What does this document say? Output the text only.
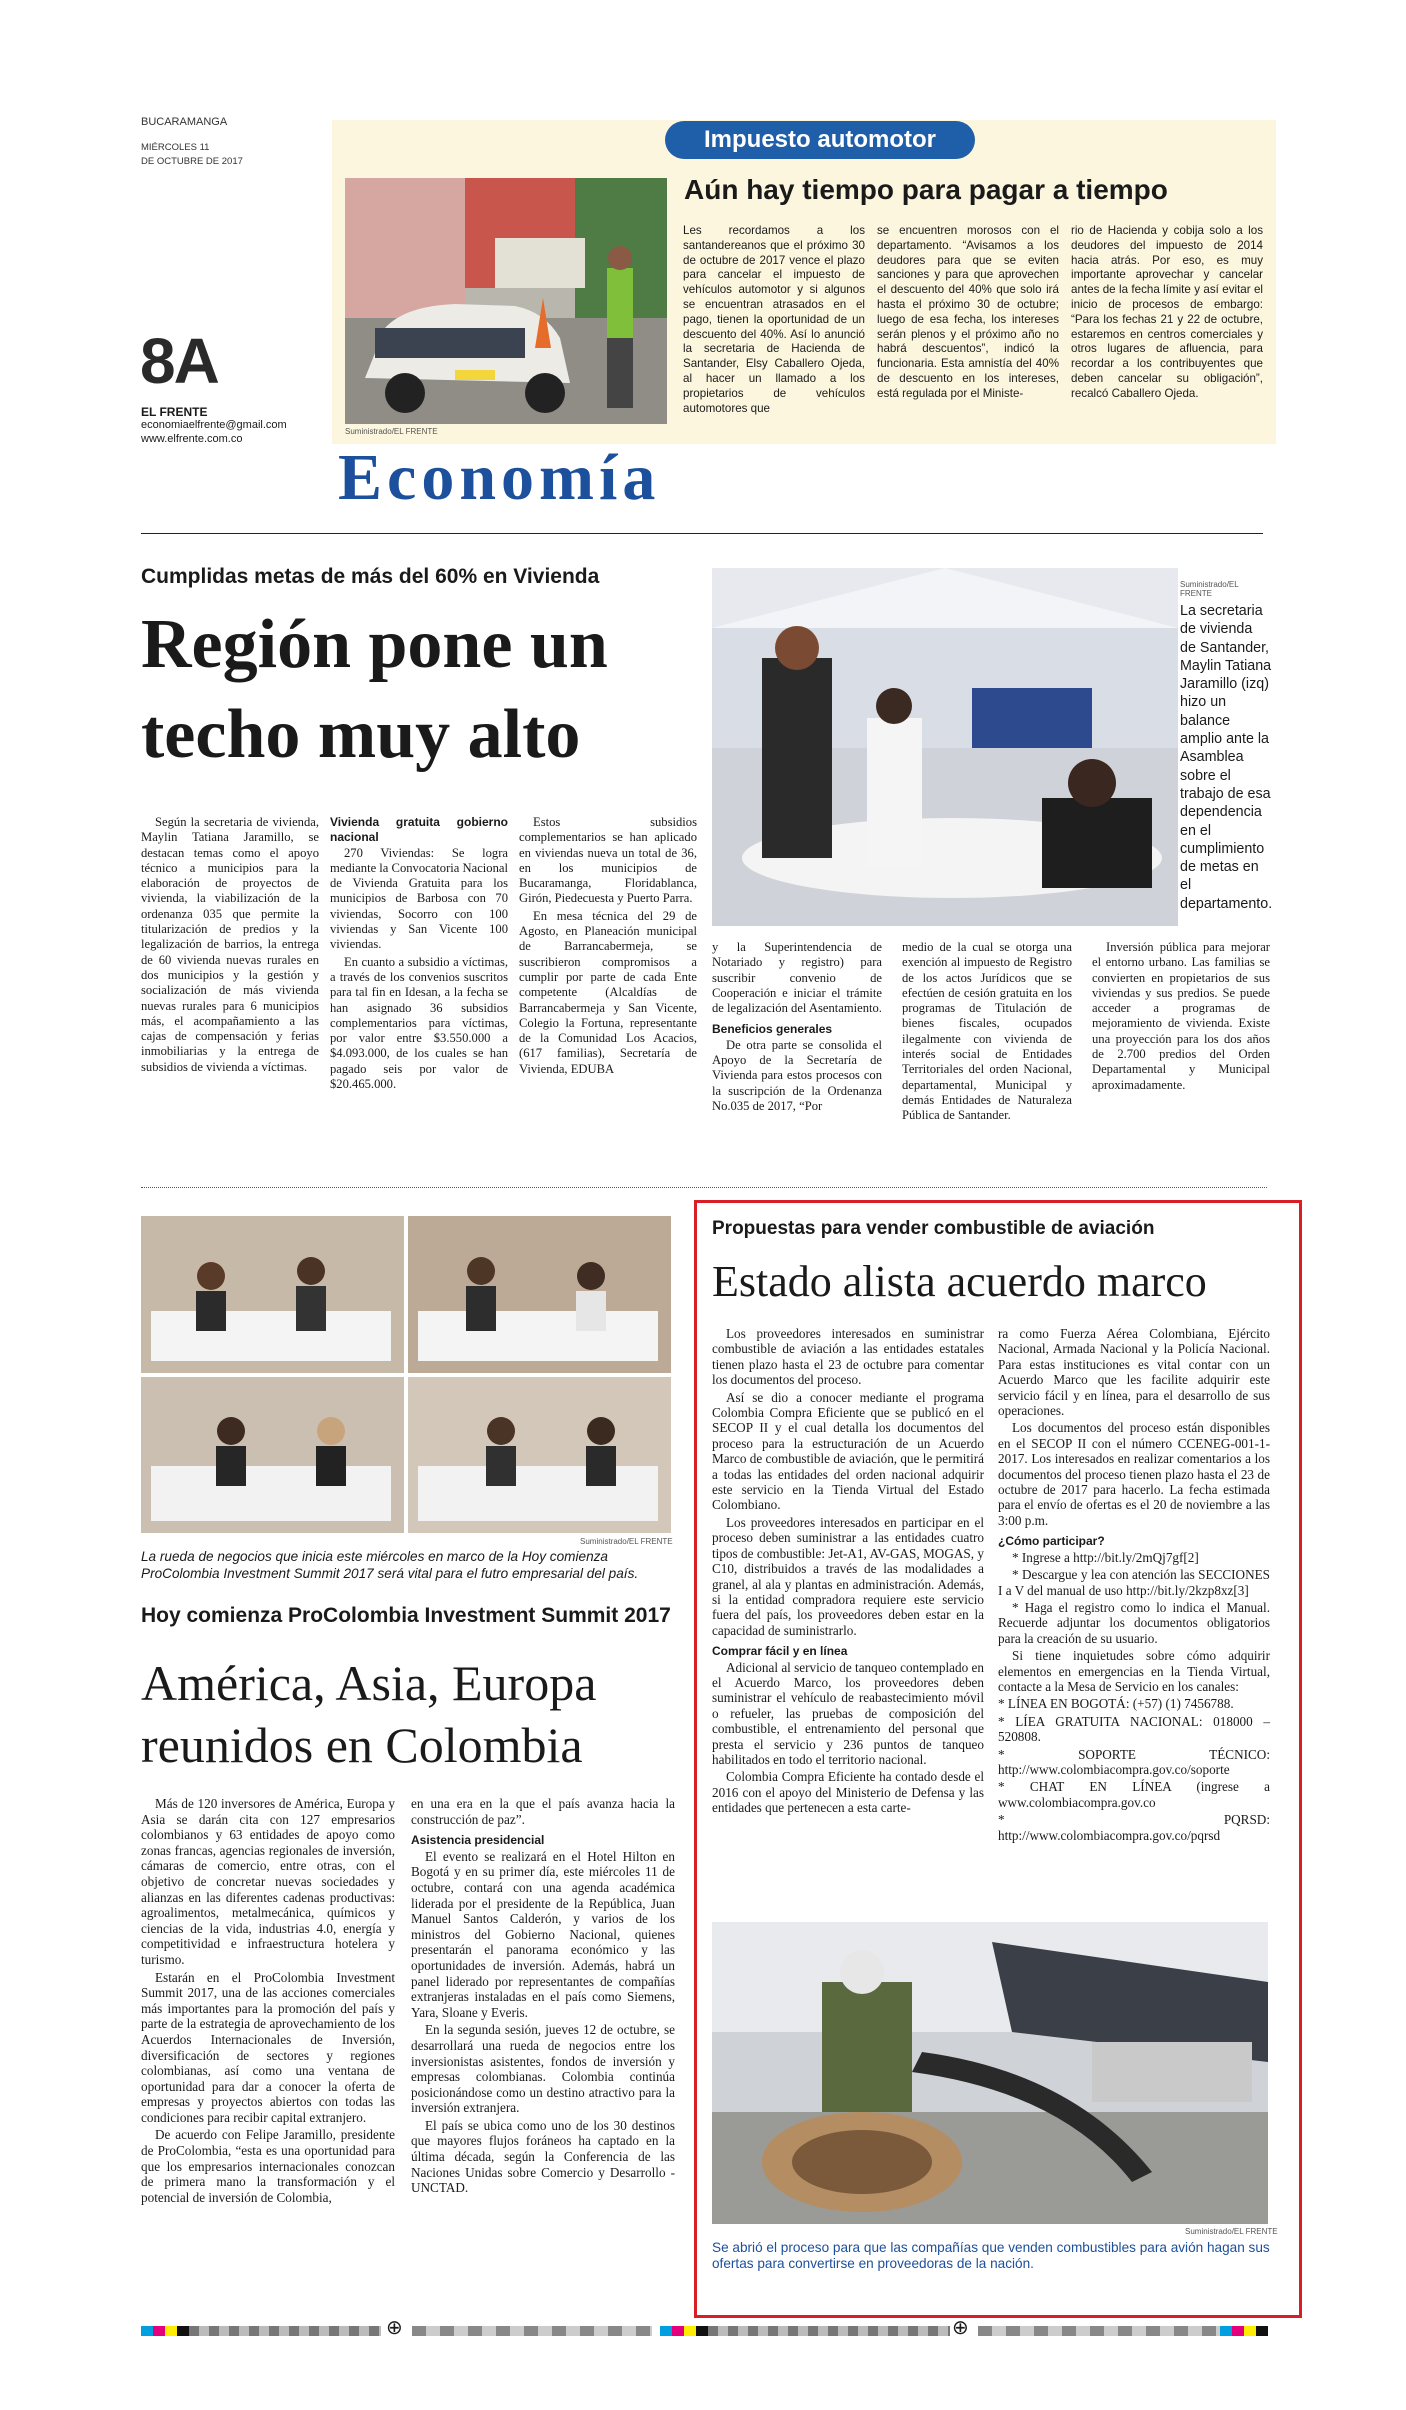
BUCARAMANGA
MIÉRCOLES 11
DE OCTUBRE DE 2017
8A
EL FRENTE
economiaelfrente@gmail.com
www.elfrente.com.co
Impuesto automotor
Suministrado/EL FRENTE
Aún hay tiempo para pagar a tiempo
Les recordamos a los santandereanos que el próximo 30 de octubre de 2017 vence el plazo para cancelar el impuesto de vehículos automotor y si algunos se encuentran atrasados en el pago, tienen la oportunidad de un descuento del 40%. Así lo anunció la secretaria de Hacienda de Santander, Elsy Caballero Ojeda, al hacer un llamado a los propietarios de vehículos automotores que
se encuentren morosos con el departamento. “Avisamos a los deudores para que se eviten sanciones y para que aprovechen el descuento del 40% que solo irá hasta el próximo 30 de octubre; luego de esa fecha, los intereses serán plenos y el próximo año no habrá descuentos”, indicó la funcionaria. Esta amnistía del 40% de descuento en los intereses, está regulada por el Ministe-
rio de Hacienda y cobija solo a los deudores del impuesto de 2014 hacia atrás. Por eso, es muy importante aprovechar y cancelar antes de la fecha límite y así evitar el inicio de procesos de embargo: “Para los fechas 21 y 22 de octubre, estaremos en centros comerciales y otros lugares de afluencia, para recordar a los contribuyentes que deben cancelar su obligación”, recalcó Caballero Ojeda.
Economía
Cumplidas metas de más del 60% en Vivienda
Región pone un techo muy alto

Según la secretaria de vivienda, Maylin Tatiana Jaramillo, se destacan temas como el apoyo técnico a municipios para la elaboración de proyectos de vivienda, la viabilización de la ordenanza 035 que permite la titularización de predios y la legalización de barrios, la entrega de 60 vivienda nuevas rurales en dos municipios y la gestión y socialización de más vivienda nuevas rurales para 6 municipios más, el acompañamiento a las cajas de compensación y ferias inmobiliarias y la entrega de subsidios de vivienda a víctimas.

Vivienda gratuita gobierno nacional

270 Viviendas: Se logra mediante la Convocatoria Nacional de Vivienda Gratuita para los municipios de Barbosa con 70 viviendas, Socorro con 100 viviendas y San Vicente 100 viviendas.

En cuanto a subsidio a víctimas, a través de los convenios suscritos para tal fin en Idesan, a la fecha se han asignado 36 subsidios complementarios para víctimas, por valor entre $3.550.000 a $4.093.000, de los cuales se han pagado seis por valor de $20.465.000.

Estos subsidios complementarios se han aplicado en viviendas nueva un total de 36, en los municipios de Bucaramanga, Floridablanca, Girón, Piedecuesta y Puerto Parra.

En mesa técnica del 29 de Agosto, en Planeación municipal de Barrancabermeja, se suscribieron compromisos a cumplir por parte de cada Ente competente (Alcaldías de Barrancabermeja y San Vicente, Colegio la Fortuna, representante de la Comunidad Los Acacios, (617 familias), Secretaría de Vivienda, EDUBA

Suministrado/EL FRENTE
La secretaria de vivienda de Santander, Maylin Tatiana Jaramillo (izq) hizo un balance amplio ante la Asamblea sobre el trabajo de esa dependencia en el cumplimiento de metas en el departamento.

y la Superintendencia de Notariado y registro) para suscribir convenio de Cooperación e iniciar el trámite de legalización del Asentamiento.

Beneficios generales

De otra parte se consolida el Apoyo de la Secretaría de Vivienda para estos procesos con la suscripción de la Ordenanza No.035 de 2017, “Por

medio de la cual se otorga una exención al impuesto de Registro de los actos Jurídicos que se efectúen de cesión gratuita en los programas de Titulación de bienes fiscales, ocupados ilegalmente con vivienda de interés social de Entidades Territoriales del orden Nacional, departamental, Municipal y demás Entidades de Naturaleza Pública de Santander.

Inversión pública para mejorar el entorno urbano. Las familias se convierten en propietarios de sus viviendas y sus predios. Se puede acceder a programas de mejoramiento de vivienda. Existe una proyección para los dos años de 2.700 predios del Orden Departamental y Municipal aproximadamente.

Suministrado/EL FRENTE
La rueda de negocios que inicia este miércoles en marco de la Hoy comienza ProColombia Investment Summit 2017 será vital para el futro empresarial del país.
Hoy comienza ProColombia Investment Summit 2017
América, Asia, Europa reunidos en Colombia

Más de 120 inversores de América, Europa y Asia se darán cita con 127 empresarios colombianos y 63 entidades de apoyo como zonas francas, agencias regionales de inversión, cámaras de comercio, entre otras, con el objetivo de concretar nuevas sociedades y alianzas en las diferentes cadenas productivas: agroalimentos, metalmecánica, químicos y ciencias de la vida, industrias 4.0, energía y competitividad e infraestructura hotelera y turismo.

Estarán en el ProColombia Investment Summit 2017, una de las acciones comerciales más importantes para la promoción del país y parte de la estrategia de aprovechamiento de los Acuerdos Internacionales de Inversión, diversificación de sectores y regiones colombianas, así como una ventana de oportunidad para dar a conocer la oferta de empresas y proyectos abiertos con todas las condiciones para recibir capital extranjero.

De acuerdo con Felipe Jaramillo, presidente de ProColombia, “esta es una oportunidad para que los empresarios internacionales conozcan de primera mano la transformación y el potencial de inversión de Colombia,

en una era en la que el país avanza hacia la construcción de paz”.

Asistencia presidencial

El evento se realizará en el Hotel Hilton en Bogotá y en su primer día, este miércoles 11 de octubre, contará con una agenda académica liderada por el presidente de la República, Juan Manuel Santos Calderón, y varios de los ministros del Gobierno Nacional, quienes presentarán el panorama económico y las oportunidades de inversión. Además, habrá un panel liderado por representantes de compañías extranjeras instaladas en el país como Siemens, Yara, Sloane y Everis.

En la segunda sesión, jueves 12 de octubre, se desarrollará una rueda de negocios entre los inversionistas asistentes, fondos de inversión y empresas colombianas. Colombia continúa posicionándose como un destino atractivo para la inversión extranjera.

El país se ubica como uno de los 30 destinos que mayores flujos foráneos ha captado en la última década, según la Conferencia de las Naciones Unidas sobre Comercio y Desarrollo - UNCTAD.

Propuestas para vender combustible de aviación
Estado alista acuerdo marco

Los proveedores interesados en suministrar combustible de aviación a las entidades estatales tienen plazo hasta el 23 de octubre para comentar los documentos del proceso.

Así se dio a conocer mediante el programa Colombia Compra Eficiente que se publicó en el SECOP II y el cual detalla los documentos del proceso para la estructuración de un Acuerdo Marco de combustible de aviación, que le permitirá a todas las entidades del orden nacional adquirir este servicio en la Tienda Virtual del Estado Colombiano.

Los proveedores interesados en participar en el proceso deben suministrar a las entidades cuatro tipos de combustible: Jet-A1, AV-GAS, MOGAS, y C10, distribuidos a través de las modalidades a granel, al ala y plantas en administración. Además, si la entidad compradora requiere este servicio fuera del país, los proveedores deben estar en la capacidad de suministrarlo.

Comprar fácil y en línea

Adicional al servicio de tanqueo contemplado en el Acuerdo Marco, los proveedores deben suministrar el vehículo de reabastecimiento móvil o refueler, las pruebas de composición del combustible, el entrenamiento del personal que presta el servicio y 236 puntos de tanqueo habilitados en todo el territorio nacional.

Colombia Compra Eficiente ha contado desde el 2016 con el apoyo del Ministerio de Defensa y las entidades que pertenecen a esta carte-

ra como Fuerza Aérea Colombiana, Ejército Nacional, Armada Nacional y la Policía Nacional. Para estas instituciones es vital contar con un Acuerdo Marco que les facilite adquirir este servicio fácil y en línea, para el desarrollo de sus operaciones.

Los documentos del proceso están disponibles en el SECOP II con el número CCENEG-001-1-2017. Los interesados en realizar comentarios a los documentos del proceso tienen plazo hasta el 23 de octubre de 2017 para hacerlo. La fecha estimada para el envío de ofertas es el 20 de noviembre a las 3:00 p.m.

¿Cómo participar?

* Ingrese a http://bit.ly/2mQj7gf[2]

* Descargue y lea con atención las SECCIONES I a V del manual de uso http://bit.ly/2kzp8xz[3]

* Haga el registro como lo indica el Manual. Recuerde adjuntar los documentos obligatorios para la creación de su usuario.

Si tiene inquietudes sobre cómo adquirir elementos en emergencias en la Tienda Virtual, contacte a la Mesa de Servicio en los canales:

* LÍNEA EN BOGOTÁ: (+57) (1) 7456788.

* LÍEA GRATUITA NACIONAL: 018000 – 520808.

* SOPORTE TÉCNICO: http://www.colombiacompra.gov.co/soporte

* CHAT EN LÍNEA (ingrese a www.colombiacompra.gov.co

* PQRSD: http://www.colombiacompra.gov.co/pqrsd

Suministrado/EL FRENTE
Se abrió el proceso para que las compañías que venden combustibles para avión hagan sus ofertas para convertirse en proveedoras de la nación.
⊕	⊕
